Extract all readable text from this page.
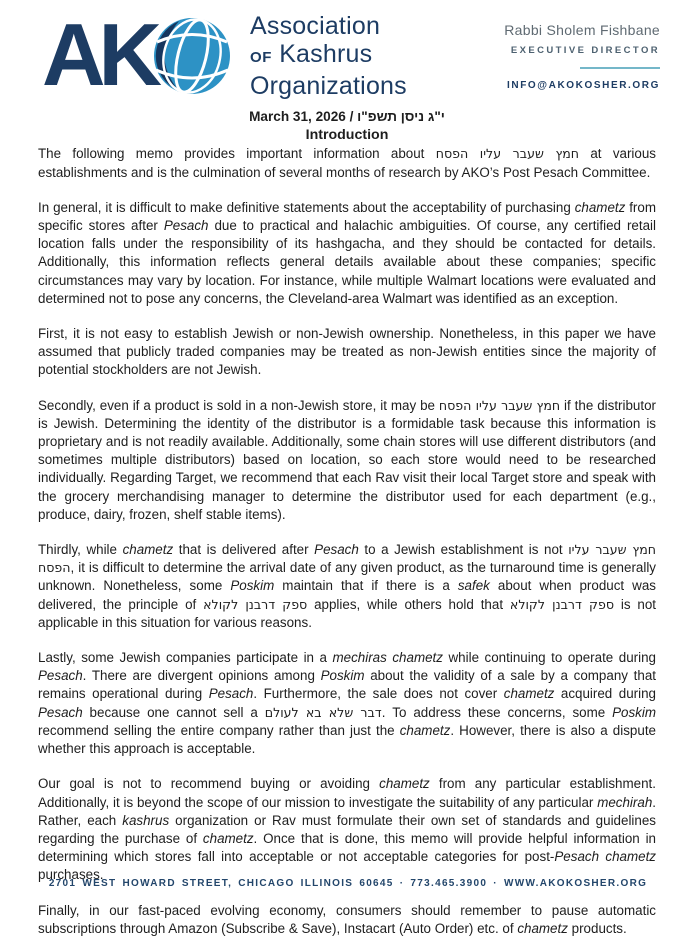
AK	Association
OF Kashrus
Organizations
Rabbi Sholem Fishbane
EXECUTIVE DIRECTOR
INFO@AKOKOSHER.ORG
March 31, 2026 / י"ג ניסן תשפ"ו
Introduction

The following memo provides important information about חמץ שעבר עליו הפסח at various establishments and is the culmination of several months of research by AKO’s Post Pesach Committee.

In general, it is difficult to make definitive statements about the acceptability of purchasing chametz from specific stores after Pesach due to practical and halachic ambiguities. Of course, any certified retail location falls under the responsibility of its hashgacha, and they should be contacted for details. Additionally, this information reflects general details available about these companies; specific circumstances may vary by location. For instance, while multiple Walmart locations were evaluated and determined not to pose any concerns, the Cleveland-area Walmart was identified as an exception.

First, it is not easy to establish Jewish or non-Jewish ownership. Nonetheless, in this paper we have assumed that publicly traded companies may be treated as non-Jewish entities since the majority of potential stockholders are not Jewish.

Secondly, even if a product is sold in a non-Jewish store, it may be חמץ שעבר עליו הפסח if the distributor is Jewish. Determining the identity of the distributor is a formidable task because this information is proprietary and is not readily available. Additionally, some chain stores will use different distributors (and sometimes multiple distributors) based on location, so each store would need to be researched individually. Regarding Target, we recommend that each Rav visit their local Target store and speak with the grocery merchandising manager to determine the distributor used for each department (e.g., produce, dairy, frozen, shelf stable items).

Thirdly, while chametz that is delivered after Pesach to a Jewish establishment is not חמץ שעבר עליו הפסח, it is difficult to determine the arrival date of any given product, as the turnaround time is generally unknown. Nonetheless, some Poskim maintain that if there is a safek about when product was delivered, the principle of ספק דרבנן לקולא applies, while others hold that ספק דרבנן לקולא is not applicable in this situation for various reasons.

Lastly, some Jewish companies participate in a mechiras chametz while continuing to operate during Pesach. There are divergent opinions among Poskim about the validity of a sale by a company that remains operational during Pesach. Furthermore, the sale does not cover chametz acquired during Pesach because one cannot sell a דבר שלא בא לעולם. To address these concerns, some Poskim recommend selling the entire company rather than just the chametz. However, there is also a dispute whether this approach is acceptable.

Our goal is not to recommend buying or avoiding chametz from any particular establishment. Additionally, it is beyond the scope of our mission to investigate the suitability of any particular mechirah. Rather, each kashrus organization or Rav must formulate their own set of standards and guidelines regarding the purchase of chametz. Once that is done, this memo will provide helpful information in determining which stores fall into acceptable or not acceptable categories for post-Pesach chametz purchases.

Finally, in our fast-paced evolving economy, consumers should remember to pause automatic subscriptions through Amazon (Subscribe & Save), Instacart (Auto Order) etc. of chametz products.

2701 WEST HOWARD STREET, CHICAGO ILLINOIS 60645 · 773.465.3900 · WWW.AKOKOSHER.ORG
